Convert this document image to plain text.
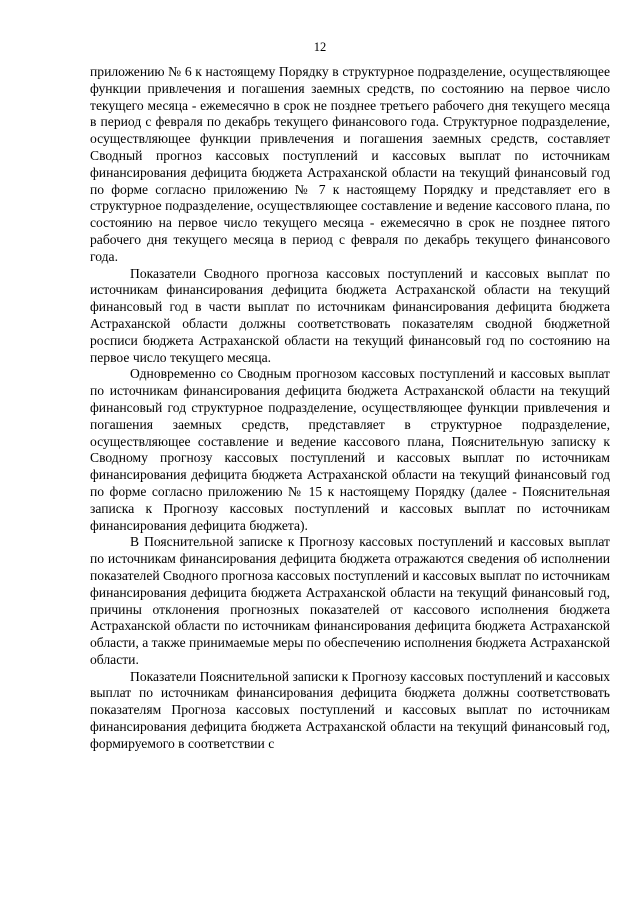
12

приложению № 6 к настоящему Порядку в структурное подразделение, осуществляющее функции привлечения и погашения заемных средств, по состоянию на первое число текущего месяца - ежемесячно в срок не позднее третьего рабочего дня текущего месяца в период с февраля по декабрь текущего финансового года. Структурное подразделение, осуществляющее функции привлечения и погашения заемных средств, составляет Сводный прогноз кассовых поступлений и кассовых выплат по источникам финансирования дефицита бюджета Астраханской области на текущий финансовый год по форме согласно приложению № 7 к настоящему Порядку и представляет его в структурное подразделение, осуществляющее составление и ведение кассового плана, по состоянию на первое число текущего месяца - ежемесячно в срок не позднее пятого рабочего дня текущего месяца в период с февраля по декабрь текущего финансового года.

Показатели Сводного прогноза кассовых поступлений и кассовых выплат по источникам финансирования дефицита бюджета Астраханской области на текущий финансовый год в части выплат по источникам финансирования дефицита бюджета Астраханской области должны соответствовать показателям сводной бюджетной росписи бюджета Астраханской области на текущий финансовый год по состоянию на первое число текущего месяца.

Одновременно со Сводным прогнозом кассовых поступлений и кассовых выплат по источникам финансирования дефицита бюджета Астраханской области на текущий финансовый год структурное подразделение, осуществляющее функции привлечения и погашения заемных средств, представляет в структурное подразделение, осуществляющее составление и ведение кассового плана, Пояснительную записку к Сводному прогнозу кассовых поступлений и кассовых выплат по источникам финансирования дефицита бюджета Астраханской области на текущий финансовый год по форме согласно приложению № 15 к настоящему Порядку (далее - Пояснительная записка к Прогнозу кассовых поступлений и кассовых выплат по источникам финансирования дефицита бюджета).

В Пояснительной записке к Прогнозу кассовых поступлений и кассовых выплат по источникам финансирования дефицита бюджета отражаются сведения об исполнении показателей Сводного прогноза кассовых поступлений и кассовых выплат по источникам финансирования дефицита бюджета Астраханской области на текущий финансовый год, причины отклонения прогнозных показателей от кассового исполнения бюджета Астраханской области по источникам финансирования дефицита бюджета Астраханской области, а также принимаемые меры по обеспечению исполнения бюджета Астраханской области.

Показатели Пояснительной записки к Прогнозу кассовых поступлений и кассовых выплат по источникам финансирования дефицита бюджета должны соответствовать показателям Прогноза кассовых поступлений и кассовых выплат по источникам финансирования дефицита бюджета Астраханской области на текущий финансовый год, формируемого в соответствии с
